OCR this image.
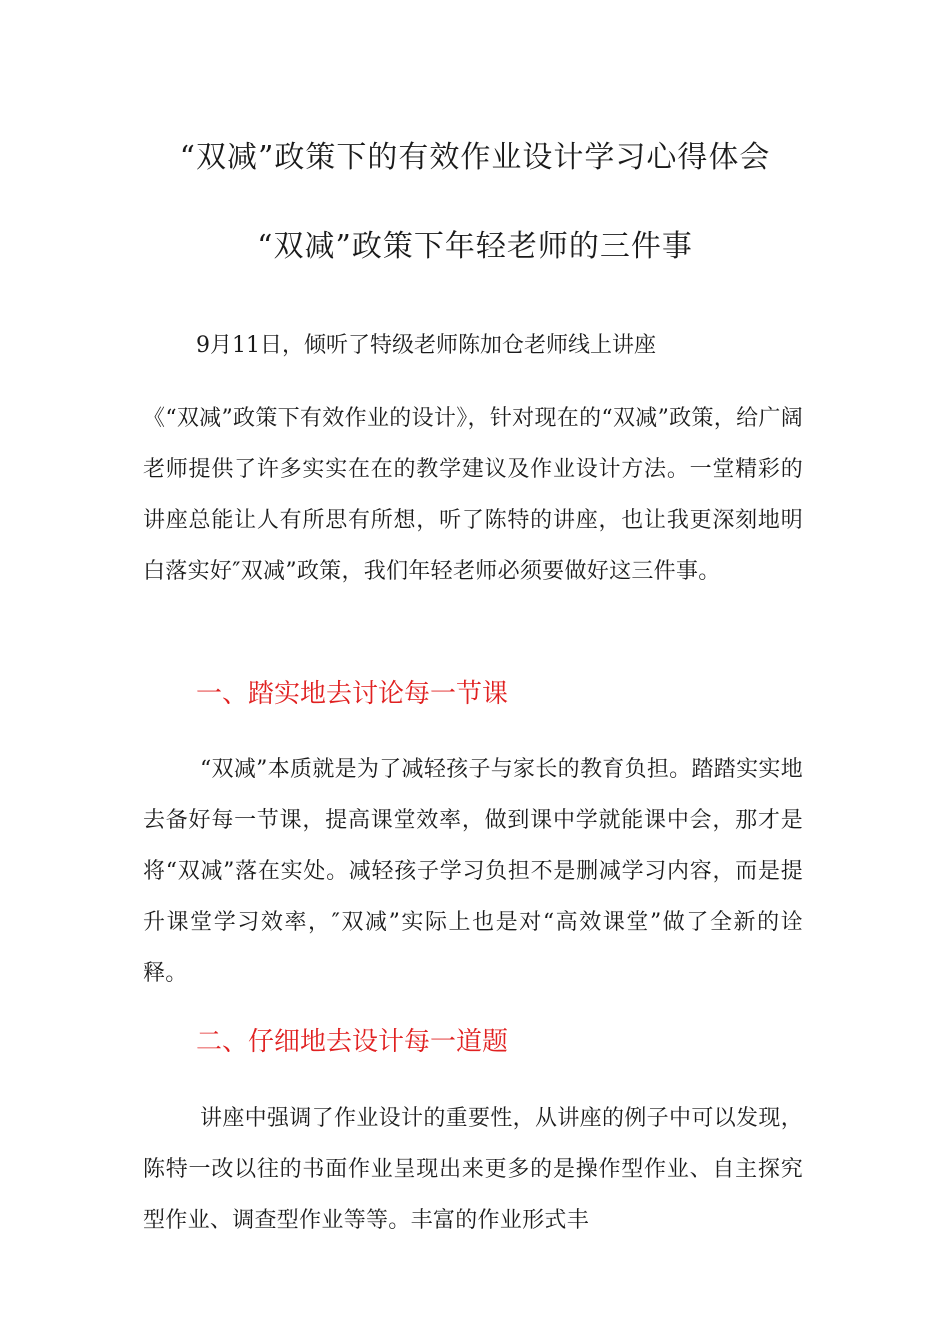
“双减”政策下的有效作业设计学习心得体会
“双减”政策下年轻老师的三件事

9月11日，倾听了特级老师陈加仓老师线上讲座

《“双减”政策下有效作业的设计》，针对现在的“双减”政策，给广阔老师提供了许多实实在在的教学建议及作业设计方法。一堂精彩的讲座总能让人有所思有所想，听了陈特的讲座，也让我更深刻地明白落实好″双减”政策，我们年轻老师必须要做好这三件事。

一、踏实地去讨论每一节课

“双减”本质就是为了减轻孩子与家长的教育负担。踏踏实实地去备好每一节课，提高课堂效率，做到课中学就能课中会，那才是将“双减”落在实处。减轻孩子学习负担不是删减学习内容，而是提升课堂学习效率，″双减”实际上也是对“高效课堂”做了全新的诠释。

二、仔细地去设计每一道题

讲座中强调了作业设计的重要性，从讲座的例子中可以发现，陈特一改以往的书面作业呈现出来更多的是操作型作业、自主探究型作业、调查型作业等等。丰富的作业形式丰
